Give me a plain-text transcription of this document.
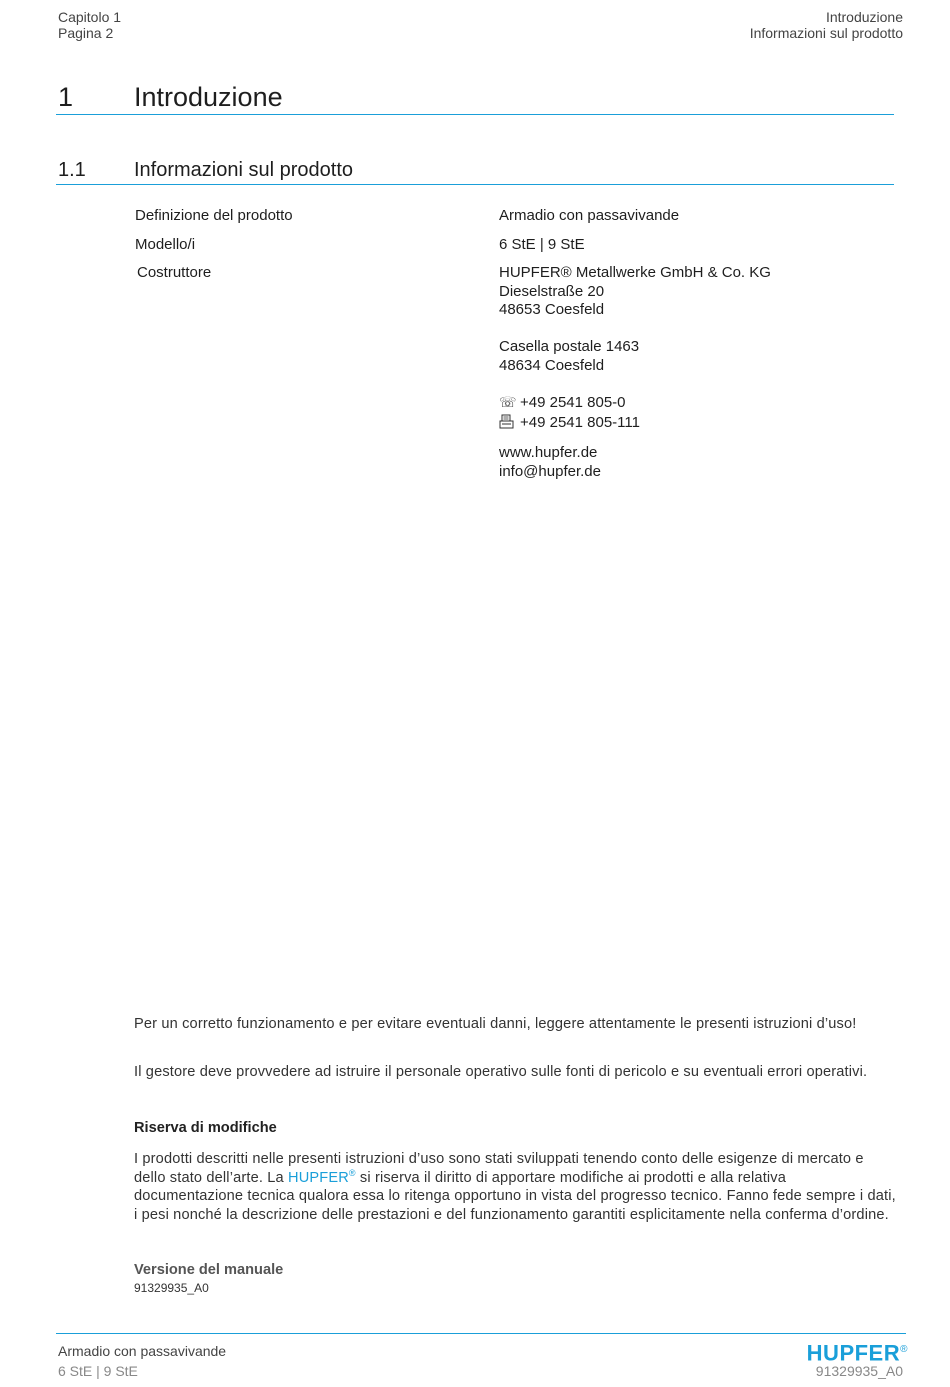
Capitolo 1
Pagina 2
Introduzione
Informazioni sul prodotto
1 Introduzione
1.1 Informazioni sul prodotto
Definizione del prodotto	Armadio con passavivande
Modello/i	6 StE | 9 StE
Costruttore	HUPFER® Metallwerke GmbH & Co. KG
Dieselstraße 20
48653 Coesfeld
Casella postale 1463
48634 Coesfeld
☏ +49 2541 805-0
+49 2541 805-111
www.hupfer.de
info@hupfer.de
Per un corretto funzionamento e per evitare eventuali danni, leggere attentamente le presenti istruzioni d’uso!
Il gestore deve provvedere ad istruire il personale operativo sulle fonti di pericolo e su eventuali errori operativi.
Riserva di modifiche
I prodotti descritti nelle presenti istruzioni d’uso sono stati sviluppati tenendo conto delle esigenze di mercato e dello stato dell’arte. La HUPFER® si riserva il diritto di apportare modifiche ai prodotti e alla relativa documentazione tecnica qualora essa lo ritenga opportuno in vista del progresso tecnico. Fanno fede sempre i dati, i pesi nonché la descrizione delle prestazioni e del funzionamento garantiti esplicitamente nella conferma d’ordine.
Versione del manuale
91329935_A0
Armadio con passavivande
6 StE | 9 StE
HUPFER®
91329935_A0
